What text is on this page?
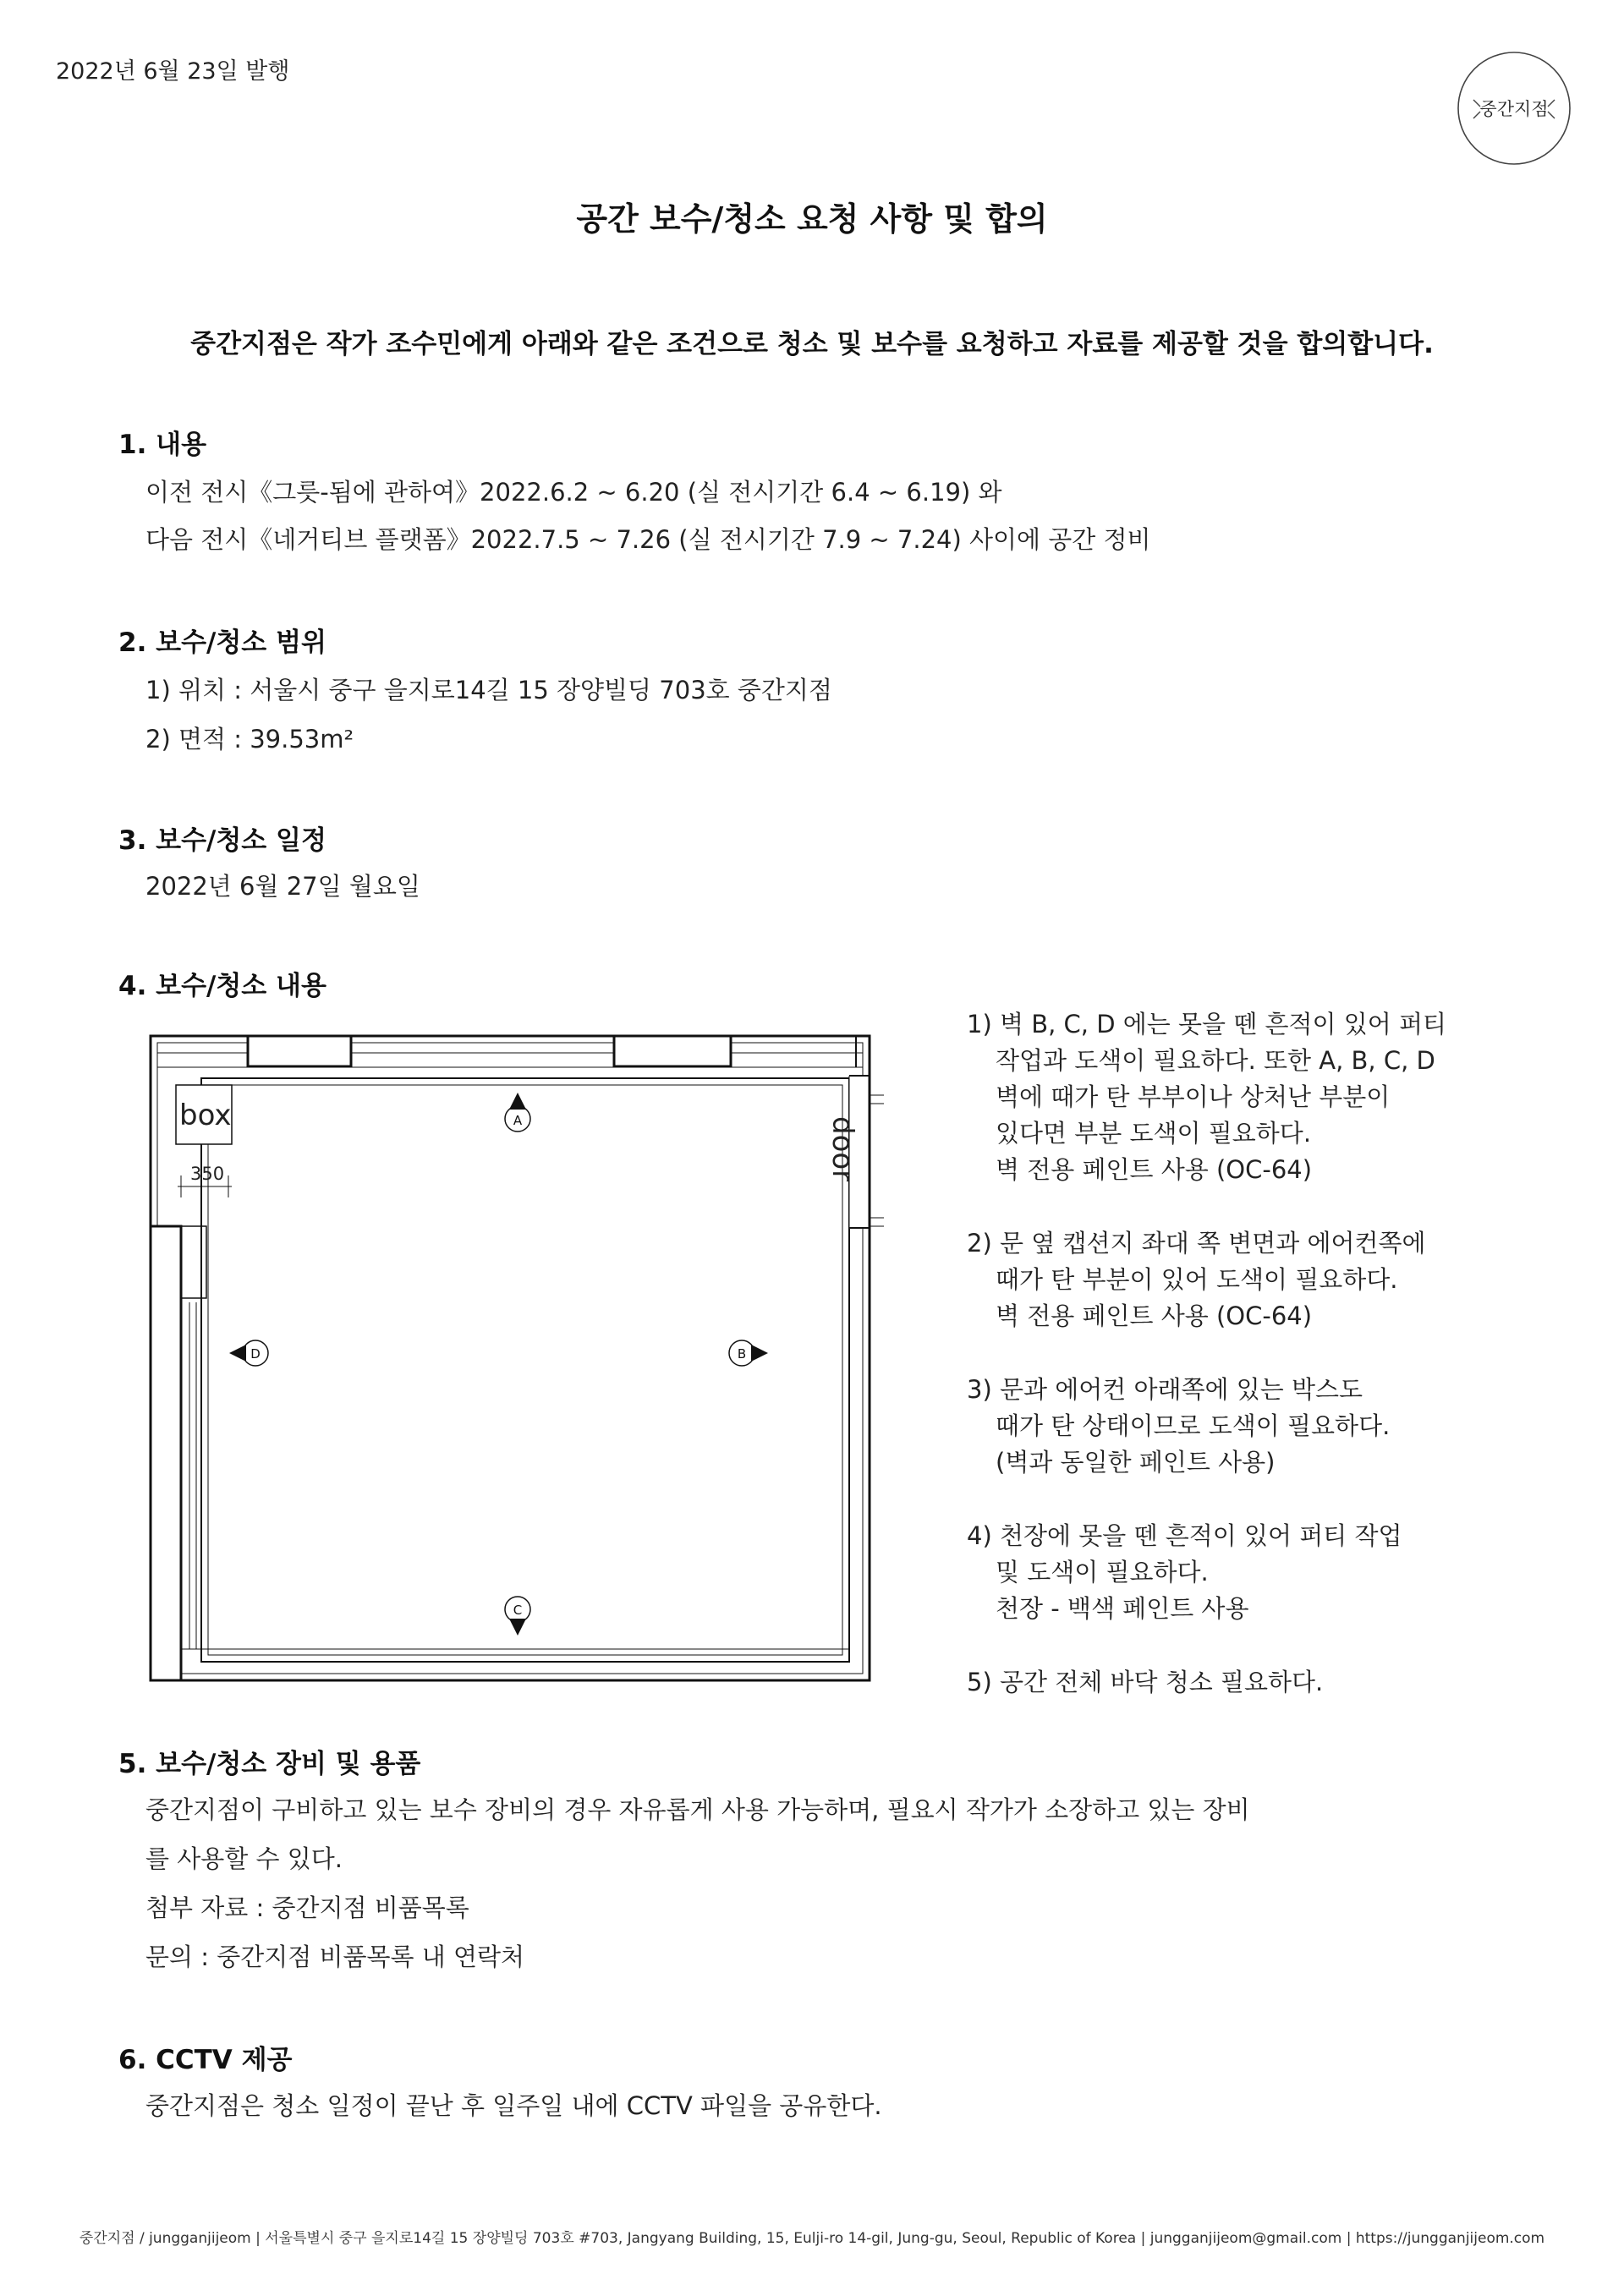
2022년 6월 23일 발행
중간지점
공간 보수/청소 요청 사항 및 합의
중간지점은 작가 조수민에게 아래와 같은 조건으로 청소 및 보수를 요청하고 자료를 제공할 것을 합의합니다.
1. 내용
이전 전시《그릇-됨에 관하여》2022.6.2 ~ 6.20 (실 전시기간 6.4 ~ 6.19) 와
다음 전시《네거티브 플랫폼》2022.7.5 ~ 7.26 (실 전시기간 7.9 ~ 7.24) 사이에 공간 정비
2. 보수/청소 범위
1) 위치 : 서울시 중구 을지로14길 15 장양빌딩 703호 중간지점
2) 면적 : 39.53m²
3. 보수/청소 일정
2022년 6월 27일 월요일
4. 보수/청소 내용
box
350	door
A
B
C
D
1) 벽 B, C, D 에는 못을 뗀 흔적이 있어 퍼티
작업과 도색이 필요하다. 또한 A, B, C, D
벽에 때가 탄 부부이나 상처난 부분이
있다면 부분 도색이 필요하다.
벽 전용 페인트 사용 (OC-64)
2) 문 옆 캡션지 좌대 쪽 변면과 에어컨쪽에
때가 탄 부분이 있어 도색이 필요하다.
벽 전용 페인트 사용 (OC-64)
3) 문과 에어컨 아래쪽에 있는 박스도
때가 탄 상태이므로 도색이 필요하다.
(벽과 동일한 페인트 사용)
4) 천장에 못을 뗀 흔적이 있어 퍼티 작업
및 도색이 필요하다.
천장 - 백색 페인트 사용
5) 공간 전체 바닥 청소 필요하다.
5. 보수/청소 장비 및 용품
중간지점이 구비하고 있는 보수 장비의 경우 자유롭게 사용 가능하며, 필요시 작가가 소장하고 있는 장비
를 사용할 수 있다.
첨부 자료 : 중간지점 비품목록
문의 : 중간지점 비품목록 내 연락처
6. CCTV 제공
중간지점은 청소 일정이 끝난 후 일주일 내에 CCTV 파일을 공유한다.
중간지점 / jungganjijeom | 서울특별시 중구 을지로14길 15 장양빌딩 703호 #703, Jangyang Building, 15, Eulji-ro 14-gil, Jung-gu, Seoul, Republic of Korea | jungganjijeom@gmail.com | https://jungganjijeom.com
